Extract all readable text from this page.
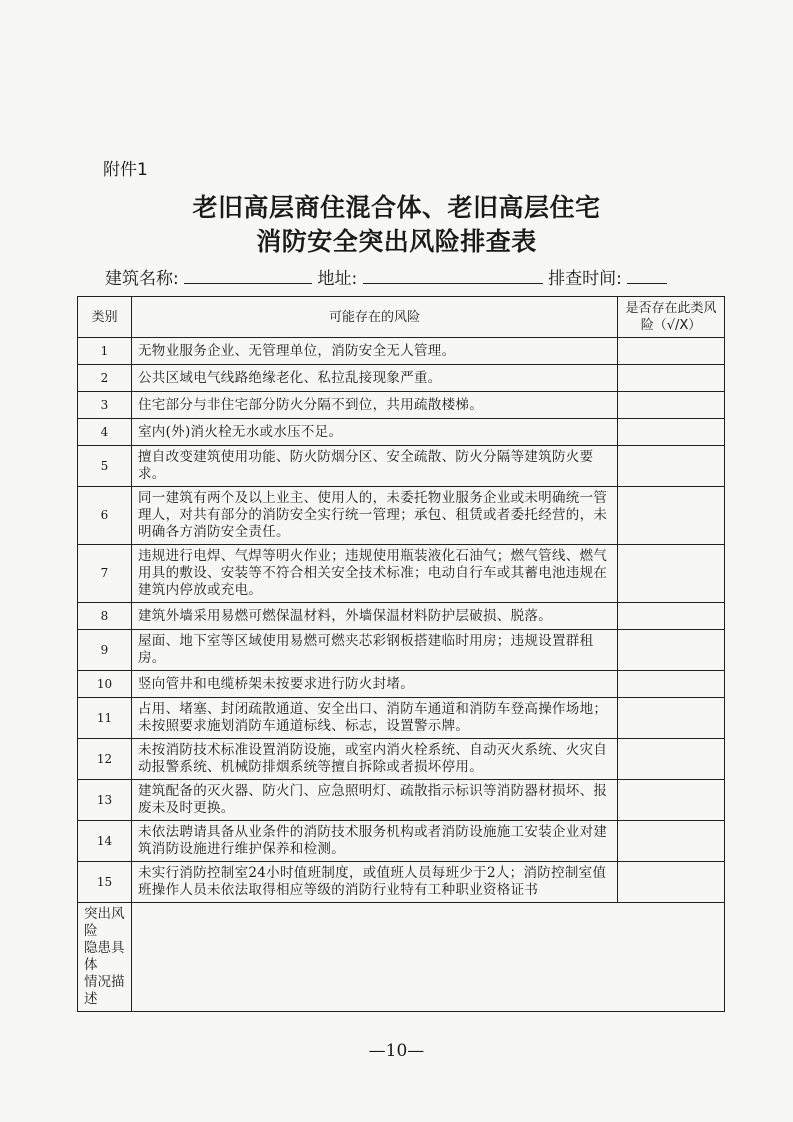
附件1
老旧高层商住混合体、老旧高层住宅
消防安全突出风险排查表
建筑名称:	地址:	排查时间:
类别	可能存在的风险	是否存在此类风险（√/X）
1	无物业服务企业、无管理单位，消防安全无人管理。	
2	公共区域电气线路绝缘老化、私拉乱接现象严重。	
3	住宅部分与非住宅部分防火分隔不到位，共用疏散楼梯。	
4	室内(外)消火栓无水或水压不足。	
5	擅自改变建筑使用功能、防火防烟分区、安全疏散、防火分隔等建筑防火要求。	
6	同一建筑有两个及以上业主、使用人的，未委托物业服务企业或未明确统一管理人，对共有部分的消防安全实行统一管理；承包、租赁或者委托经营的，未明确各方消防安全责任。	
7	违规进行电焊、气焊等明火作业；违规使用瓶装液化石油气；燃气管线、燃气用具的敷设、安装等不符合相关安全技术标准；电动自行车或其蓄电池违规在建筑内停放或充电。	
8	建筑外墙采用易燃可燃保温材料，外墙保温材料防护层破损、脱落。	
9	屋面、地下室等区域使用易燃可燃夹芯彩钢板搭建临时用房；违规设置群租房。	
10	竖向管井和电缆桥架未按要求进行防火封堵。	
11	占用、堵塞、封闭疏散通道、安全出口、消防车通道和消防车登高操作场地；未按照要求施划消防车通道标线、标志，设置警示牌。	
12	未按消防技术标准设置消防设施，或室内消火栓系统、自动灭火系统、火灾自动报警系统、机械防排烟系统等擅自拆除或者损坏停用。	
13	建筑配备的灭火器、防火门、应急照明灯、疏散指示标识等消防器材损坏、报废未及时更换。	
14	未依法聘请具备从业条件的消防技术服务机构或者消防设施施工安装企业对建筑消防设施进行维护保养和检测。	
15	未实行消防控制室24小时值班制度，或值班人员每班少于2人；消防控制室值班操作人员未依法取得相应等级的消防行业特有工种职业资格证书	

突出风险
隐患具体
情况描述		

—10—
